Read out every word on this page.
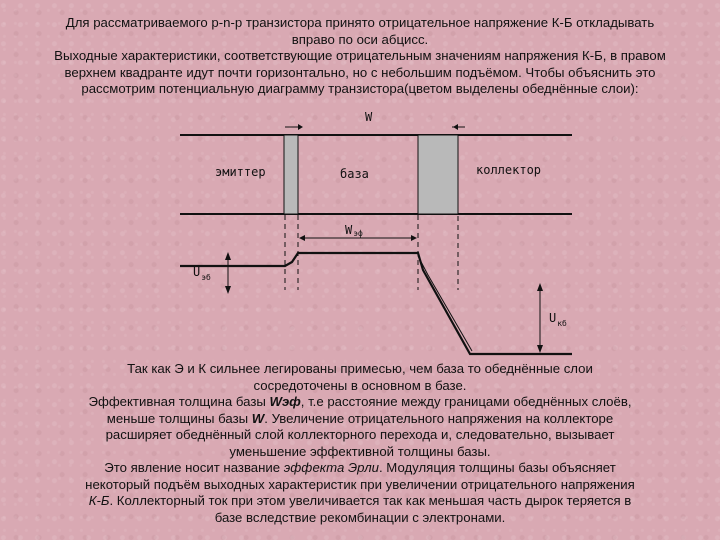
Для рассматриваемого p-n-p транзистора принято отрицательное напряжение К-Б откладывать
вправо по оси абцисс.
Выходные характеристики, соответствующие отрицательным значениям напряжения К-Б, в правом
верхнем квадранте идут почти горизонтально, но с небольшим подъёмом. Чтобы объяснить это
рассмотрим потенциальную диаграмму транзистора(цветом выделены обеднённые слои):
W
эмиттер	база	коллектор
Wэф
$U_{эб}$
$U_{кб}$
Так как Э и К сильнее легированы примесью, чем база то обеднённые слои
сосредоточены в основном в базе.
Эффективная толщина базы Wэф, т.е расстояние между границами обеднённых слоёв,
меньше толщины базы W. Увеличение отрицательного напряжения на коллекторе
расширяет обеднённый слой коллекторного перехода и, следовательно, вызывает
уменьшение эффективной толщины базы.
Это явление носит название эффекта Эрли. Модуляция толщины базы объясняет
некоторый подъём выходных характеристик при увеличении отрицательного напряжения
К-Б. Коллекторный ток при этом увеличивается так как меньшая часть дырок теряется в
базе вследствие рекомбинации с электронами.
